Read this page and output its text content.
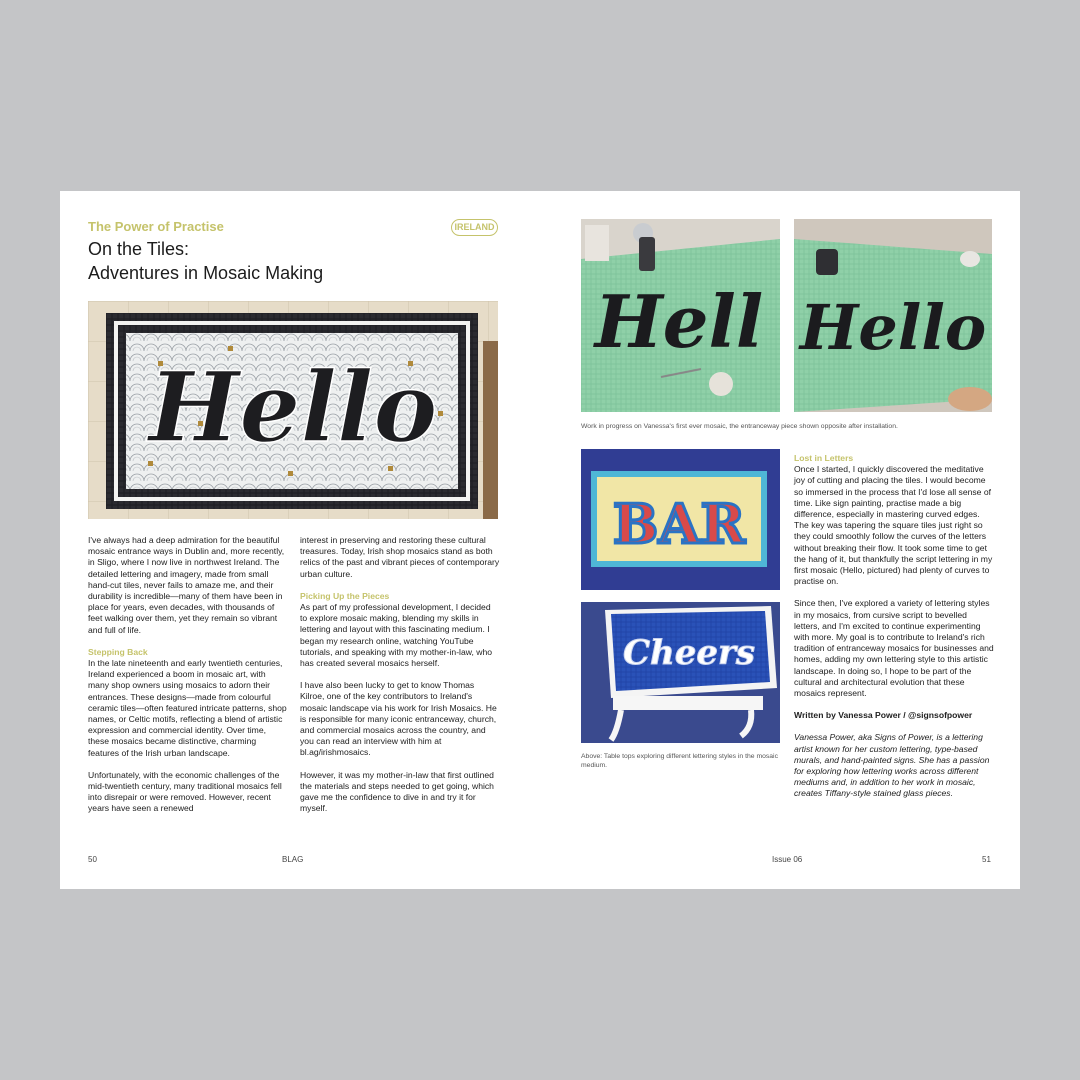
The Power of Practise
On the Tiles:
Adventures in Mosaic Making
IRELAND
Hello

I've always had a deep admiration for the beautiful mosaic entrance ways in Dublin and, more recently, in Sligo, where I now live in northwest Ireland. The detailed lettering and imagery, made from small hand-cut tiles, never fails to amaze me, and their durability is incredible—many of them have been in place for years, even decades, with thousands of feet walking over them, yet they remain so vibrant and full of life.

Stepping Back

In the late nineteenth and early twentieth centuries, Ireland experienced a boom in mosaic art, with many shop owners using mosaics to adorn their entrances. These designs—made from colourful ceramic tiles—often featured intricate patterns, shop names, or Celtic motifs, reflecting a blend of artistic expression and commercial identity. Over time, these mosaics became distinctive, charming features of the Irish urban landscape.

Unfortunately, with the economic challenges of the mid-twentieth century, many traditional mosaics fell into disrepair or were removed. However, recent years have seen a renewed

interest in preserving and restoring these cultural treasures. Today, Irish shop mosaics stand as both relics of the past and vibrant pieces of contemporary urban culture.

Picking Up the Pieces

As part of my professional development, I decided to explore mosaic making, blending my skills in lettering and layout with this fascinating medium. I began my research online, watching YouTube tutorials, and speaking with my mother-in-law, who has created several mosaics herself.

I have also been lucky to get to know Thomas Kilroe, one of the key contributors to Ireland's mosaic landscape via his work for Irish Mosaics. He is responsible for many iconic entranceway, church, and commercial mosaics across the country, and you can read an interview with him at bl.ag/irishmosaics.

However, it was my mother-in-law that first outlined the materials and steps needed to get going, which gave me the confidence to dive in and try it for myself.

Hell Hello
Work in progress on Vanessa's first ever mosaic, the entranceway piece shown opposite after installation.
BAR
Cheers
Above: Table tops exploring different lettering styles in the mosaic medium.
Lost in Letters

Once I started, I quickly discovered the meditative joy of cutting and placing the tiles. I would become so immersed in the process that I'd lose all sense of time. Like sign painting, practise made a big difference, especially in mastering curved edges. The key was tapering the square tiles just right so they could smoothly follow the curves of the letters without breaking their flow. It took some time to get the hang of it, but thankfully the script lettering in my first mosaic (Hello, pictured) had plenty of curves to practise on.

Since then, I've explored a variety of lettering styles in my mosaics, from cursive script to bevelled letters, and I'm excited to continue experimenting with more. My goal is to contribute to Ireland's rich tradition of entranceway mosaics for businesses and homes, adding my own lettering style to this artistic landscape. In doing so, I hope to be part of the cultural and architectural evolution that these mosaics represent.

Written by Vanessa Power / @signsofpower

Vanessa Power, aka Signs of Power, is a lettering artist known for her custom lettering, type-based murals, and hand-painted signs. She has a passion for exploring how lettering works across different mediums and, in addition to her work in mosaic, creates Tiffany-style stained glass pieces.

50	BLAG	Issue 06	51
